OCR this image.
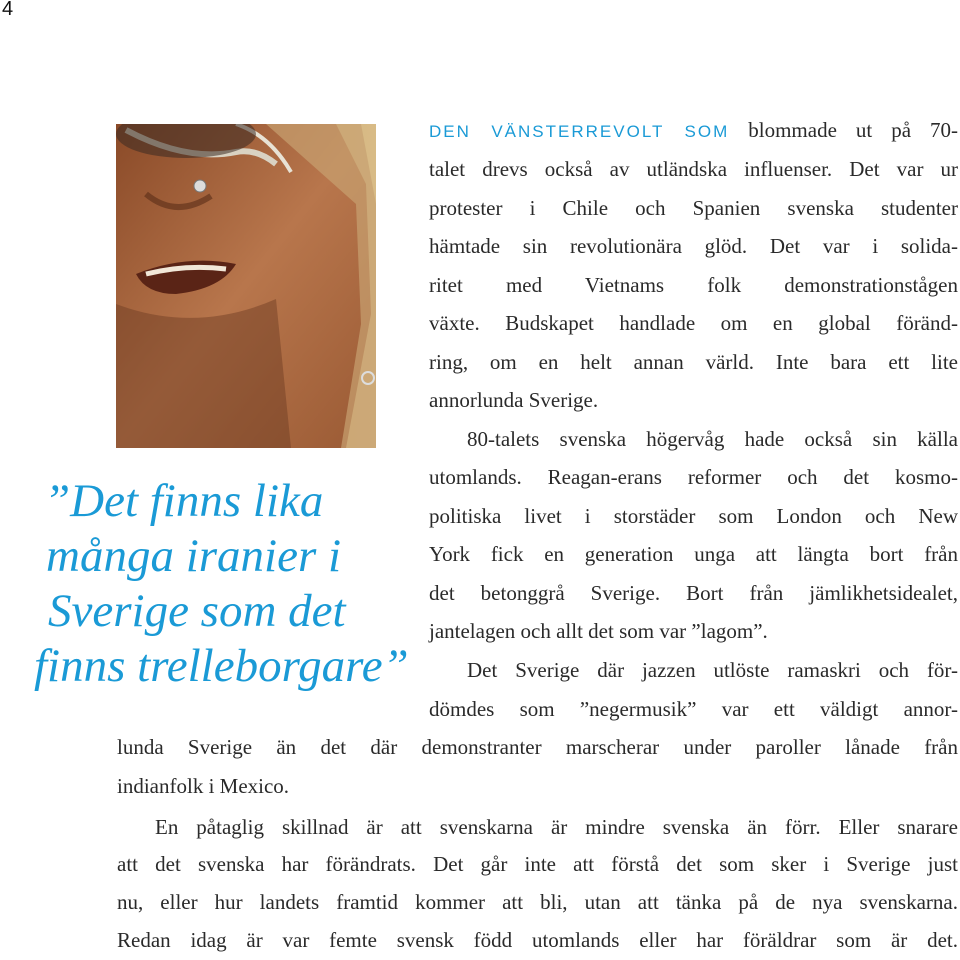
4
”Det finns lika
många iranier i
Sverige som det
finns trelleborgare”
DEN VÄNSTERREVOLT SOM blommade ut på 70-
talet drevs också av utländska influenser. Det var ur
protester i Chile och Spanien svenska studenter
hämtade sin revolutionära glöd. Det var i solida-
ritet med Vietnams folk demonstrationstågen
växte. Budskapet handlade om en global föränd-
ring, om en helt annan värld. Inte bara ett lite
annorlunda Sverige.
80-talets svenska högervåg hade också sin källa
utomlands. Reagan-erans reformer och det kosmo-
politiska livet i storstäder som London och New
York fick en generation unga att längta bort från
det betonggrå Sverige. Bort från jämlikhetsidealet,
jantelagen och allt det som var ”lagom”.
Det Sverige där jazzen utlöste ramaskri och för-
dömdes som ”negermusik” var ett väldigt annor-
lunda Sverige än det där demonstranter marscherar under paroller lånade från
indianfolk i Mexico.
En påtaglig skillnad är att svenskarna är mindre svenska än förr. Eller snarare
att det svenska har förändrats. Det går inte att förstå det som sker i Sverige just
nu, eller hur landets framtid kommer att bli, utan att tänka på de nya svenskarna.
Redan idag är var femte svensk född utomlands eller har föräldrar som är det.
